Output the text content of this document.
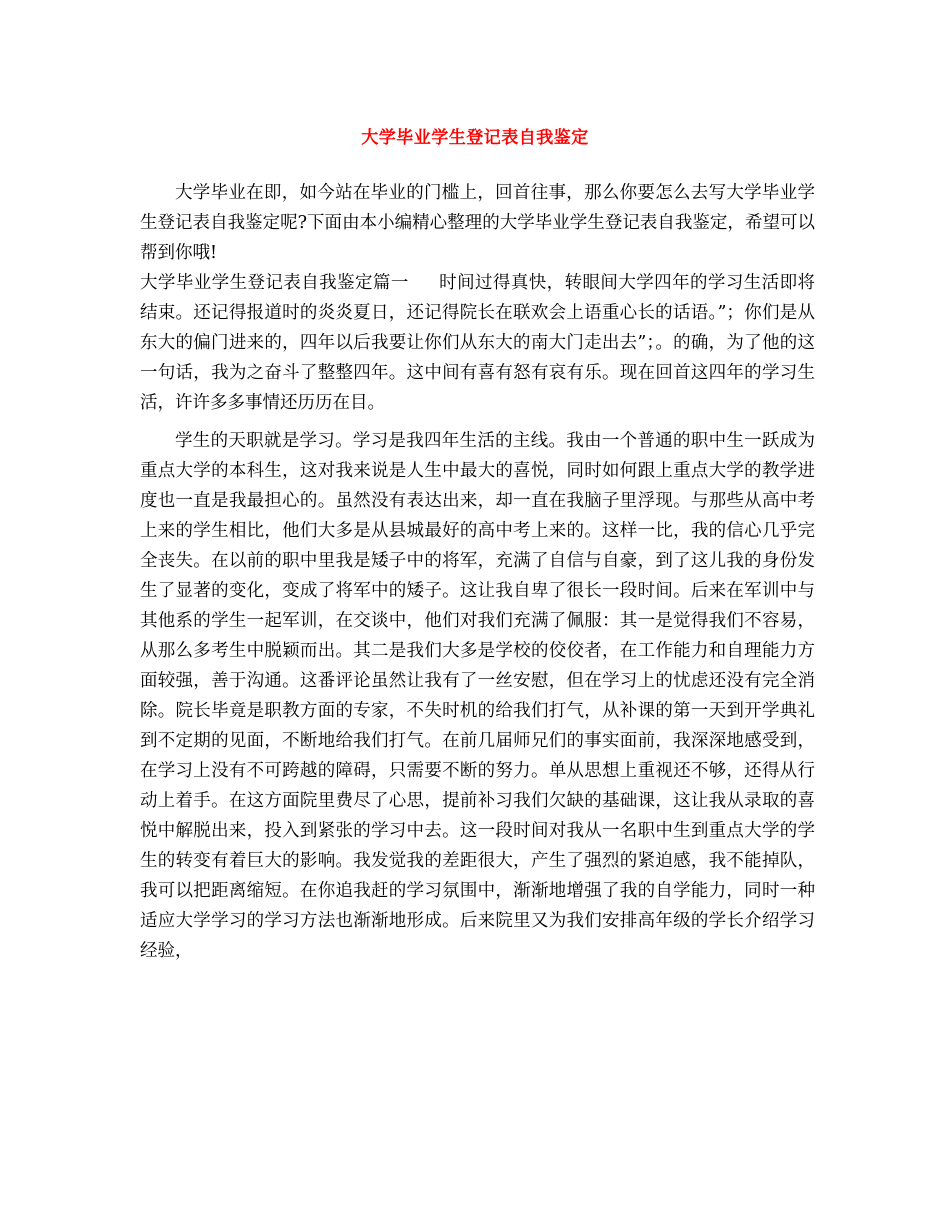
大学毕业学生登记表自我鉴定

大学毕业在即，如今站在毕业的门槛上，回首往事，那么你要怎么去写大学毕业学生登记表自我鉴定呢?下面由本小编精心整理的大学毕业学生登记表自我鉴定，希望可以帮到你哦!

大学毕业学生登记表自我鉴定篇一 时间过得真快，转眼间大学四年的学习生活即将结束。还记得报道时的炎炎夏日，还记得院长在联欢会上语重心长的话语。”；你们是从东大的偏门进来的，四年以后我要让你们从东大的南大门走出去”；。的确，为了他的这一句话，我为之奋斗了整整四年。这中间有喜有怒有哀有乐。现在回首这四年的学习生活，许许多多事情还历历在目。

学生的天职就是学习。学习是我四年生活的主线。我由一个普通的职中生一跃成为重点大学的本科生，这对我来说是人生中最大的喜悦，同时如何跟上重点大学的教学进度也一直是我最担心的。虽然没有表达出来，却一直在我脑子里浮现。与那些从高中考上来的学生相比，他们大多是从县城最好的高中考上来的。这样一比，我的信心几乎完全丧失。在以前的职中里我是矮子中的将军，充满了自信与自豪，到了这儿我的身份发生了显著的变化，变成了将军中的矮子。这让我自卑了很长一段时间。后来在军训中与其他系的学生一起军训，在交谈中，他们对我们充满了佩服：其一是觉得我们不容易，从那么多考生中脱颖而出。其二是我们大多是学校的佼佼者，在工作能力和自理能力方面较强，善于沟通。这番评论虽然让我有了一丝安慰，但在学习上的忧虑还没有完全消除。院长毕竟是职教方面的专家，不失时机的给我们打气，从补课的第一天到开学典礼到不定期的见面，不断地给我们打气。在前几届师兄们的事实面前，我深深地感受到，在学习上没有不可跨越的障碍，只需要不断的努力。单从思想上重视还不够，还得从行动上着手。在这方面院里费尽了心思，提前补习我们欠缺的基础课，这让我从录取的喜悦中解脱出来，投入到紧张的学习中去。这一段时间对我从一名职中生到重点大学的学生的转变有着巨大的影响。我发觉我的差距很大，产生了强烈的紧迫感，我不能掉队，我可以把距离缩短。在你追我赶的学习氛围中，渐渐地增强了我的自学能力，同时一种适应大学学习的学习方法也渐渐地形成。后来院里又为我们安排高年级的学长介绍学习经验，
